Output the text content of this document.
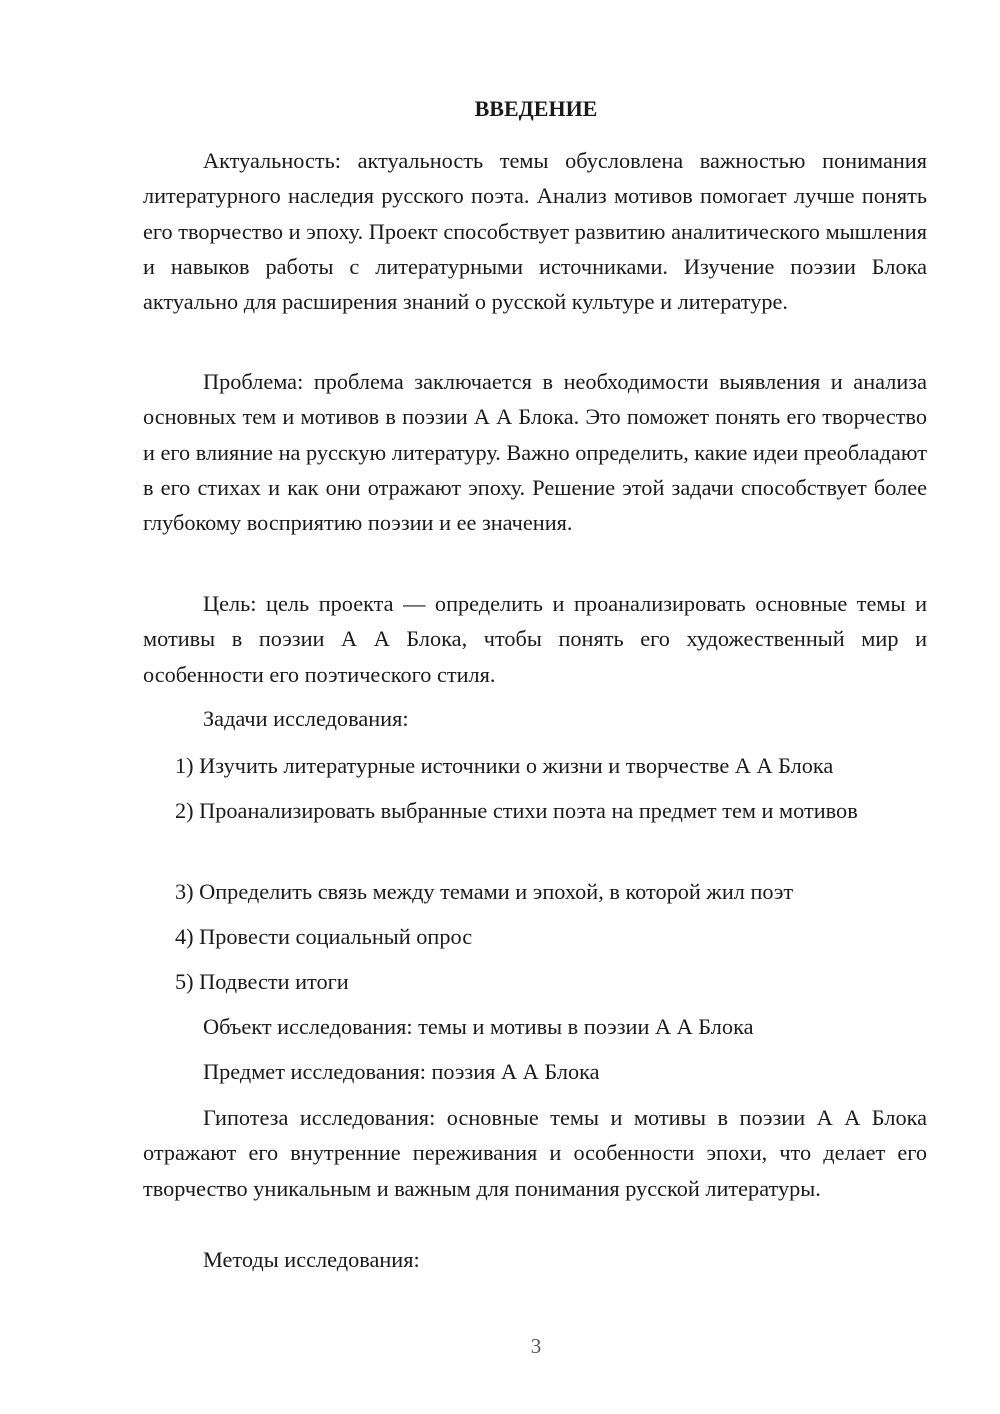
ВВЕДЕНИЕ

Актуальность: актуальность темы обусловлена важностью понимания литературного наследия русского поэта. Анализ мотивов помогает лучше понять его творчество и эпоху. Проект способствует развитию аналитического мышления и навыков работы с литературными источниками. Изучение поэзии Блока актуально для расширения знаний о русской культуре и литературе.

Проблема: проблема заключается в необходимости выявления и анализа основных тем и мотивов в поэзии А А Блока. Это поможет понять его творчество и его влияние на русскую литературу. Важно определить, какие идеи преобладают в его стихах и как они отражают эпоху. Решение этой задачи способствует более глубокому восприятию поэзии и ее значения.

Цель: цель проекта — определить и проанализировать основные темы и мотивы в поэзии А А Блока, чтобы понять его художественный мир и особенности его поэтического стиля.

Задачи исследования:

1) Изучить литературные источники о жизни и творчестве А А Блока

2) Проанализировать выбранные стихи поэта на предмет тем и мотивов

3) Определить связь между темами и эпохой, в которой жил поэт

4) Провести социальный опрос

5) Подвести итоги

Объект исследования: темы и мотивы в поэзии А А Блока

Предмет исследования: поэзия А А Блока

Гипотеза исследования: основные темы и мотивы в поэзии А А Блока отражают его внутренние переживания и особенности эпохи, что делает его творчество уникальным и важным для понимания русской литературы.

Методы исследования:

3
